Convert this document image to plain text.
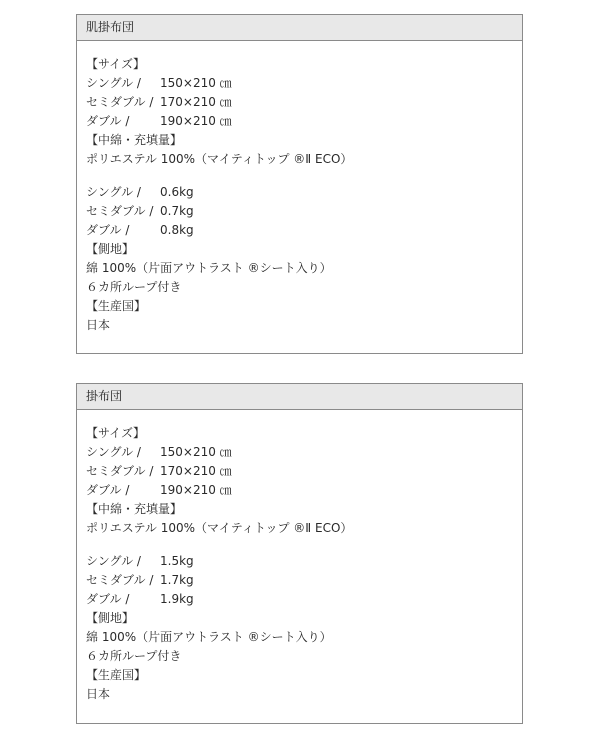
肌掛布団
【サイズ】
シングル / 150×210 ㎝
セミダブル / 170×210 ㎝
ダブル /	190×210 ㎝
【中綿・充填量】
ポリエステル 100%（マイティトップ ®Ⅱ ECO）
シングル / 0.6kg
セミダブル / 0.7kg
ダブル /	0.8kg
【側地】
綿 100%（片面アウトラスト ®シート入り）
６カ所ループ付き
【生産国】
日本
掛布団
【サイズ】
シングル / 150×210 ㎝
セミダブル / 170×210 ㎝
ダブル /	190×210 ㎝
【中綿・充填量】
ポリエステル 100%（マイティトップ ®Ⅱ ECO）
シングル / 1.5kg
セミダブル / 1.7kg
ダブル /	1.9kg
【側地】
綿 100%（片面アウトラスト ®シート入り）
６カ所ループ付き
【生産国】
日本
